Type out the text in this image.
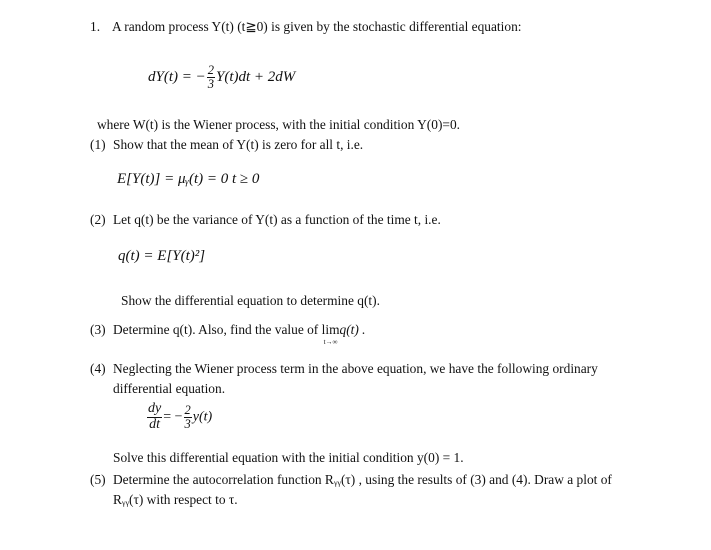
1. A random process Y(t) (t≧0) is given by the stochastic differential equation:
dY(t) = − $\frac{2}{3} Y(t)dt + 2dW$
where W(t) is the Wiener process, with the initial condition Y(0)=0.
(1) Show that the mean of Y(t) is zero for all t, i.e.
E[Y(t)] = μᵧ(t) = 0 t ≥ 0
(2) Let q(t) be the variance of Y(t) as a function of the time t, i.e.
q(t) = E[Y(t)²]
Show the differential equation to determine q(t).
(3) Determine q(t). Also, find the value of lim
t→∞
q(t) .
(4) Neglecting the Wiener process term in the above equation, we have the following ordinary
differential equation.
$\frac{dy}{dt}$ = − $\frac{2}{3} y(t)$
Solve this differential equation with the initial condition y(0) = 1.
(5) Determine the autocorrelation function Rᵧᵧ(τ) , using the results of (3) and (4). Draw a plot of
Rᵧᵧ(τ) with respect to τ.
